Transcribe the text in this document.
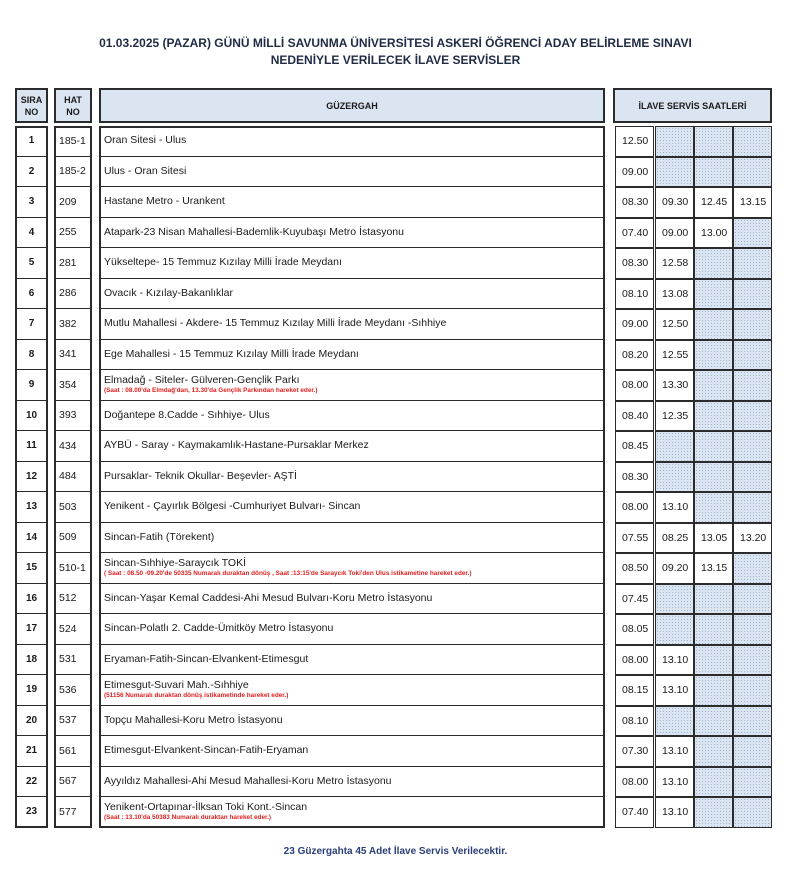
01.03.2025 (PAZAR) GÜNÜ MİLLİ SAVUNMA ÜNİVERSİTESİ ASKERİ ÖĞRENCİ ADAY BELİRLEME SINAVI
NEDENİYLE VERİLECEK İLAVE SERVİSLER
SIRA
NO
HAT
NO
GÜZERGAH	İLAVE SERVİS SAATLERİ
1	185-1	Oran Sitesi - Ulus	12.50
2	185-2	Ulus - Oran Sitesi	09.00
3	209	Hastane Metro - Urankent	08.30	09.30	12.45	13.15
4	255	Atapark-23 Nisan Mahallesi-Bademlik-Kuyubaşı Metro İstasyonu	07.40	09.00	13.00
5	281	Yükseltepe- 15 Temmuz Kızılay Milli İrade Meydanı	08.30	12.58
6	286	Ovacık - Kızılay-Bakanlıklar	08.10	13.08
7	382	Mutlu Mahallesi - Akdere- 15 Temmuz Kızılay Milli İrade Meydanı -Sıhhiye	09.00	12.50
8	341	Ege Mahallesi - 15 Temmuz Kızılay Milli İrade Meydanı	08.20	12.55
9	354	Elmadağ - Siteler- Gülveren-Gençlik Parkı
(Saat : 08.00'da Elmdağ'dan, 13.30'da Gençlik Parkından hareket eder.)	08.00	13.30
10	393	Doğantepe 8.Cadde - Sıhhiye- Ulus	08.40	12.35
11	434	AYBÜ - Saray - Kaymakamlık-Hastane-Pursaklar Merkez	08.45
12	484	Pursaklar- Teknik Okullar- Beşevler- AŞTİ	08.30
13	503	Yenikent - Çayırlık Bölgesi -Cumhuriyet Bulvarı- Sincan	08.00	13.10
14	509	Sincan-Fatih (Törekent)	07.55	08.25	13.05	13.20
15	510-1	Sincan-Sıhhiye-Saraycık TOKİ
( Saat : 08.50 -09.20'de 50335 Numaralı duraktan dönüş , Saat :13:15'de Saraycık Toki'den Ulus istikametine hareket eder.)	08.50	09.20	13.15
16	512	Sincan-Yaşar Kemal Caddesi-Ahi Mesud Bulvarı-Koru Metro İstasyonu	07.45
17	524	Sincan-Polatlı 2. Cadde-Ümitköy Metro İstasyonu	08.05
18	531	Eryaman-Fatih-Sincan-Elvankent-Etimesgut	08.00	13.10
19	536	Etimesgut-Suvari Mah.-Sıhhiye
(51156 Numaralı duraktan dönüş istikametinde hareket eder.)	08.15	13.10
20	537	Topçu Mahallesi-Koru Metro İstasyonu	08.10
21	561	Etimesgut-Elvankent-Sincan-Fatih-Eryaman	07.30	13.10
22	567	Ayyıldız Mahallesi-Ahi Mesud Mahallesi-Koru Metro İstasyonu	08.00	13.10
23	577	Yenikent-Ortapınar-İlksan Toki Kont.-Sincan
(Saat : 13.10'da 50383 Numaralı duraktan hareket eder.)	07.40	13.10
23 Güzergahta 45 Adet İlave Servis Verilecektir.
